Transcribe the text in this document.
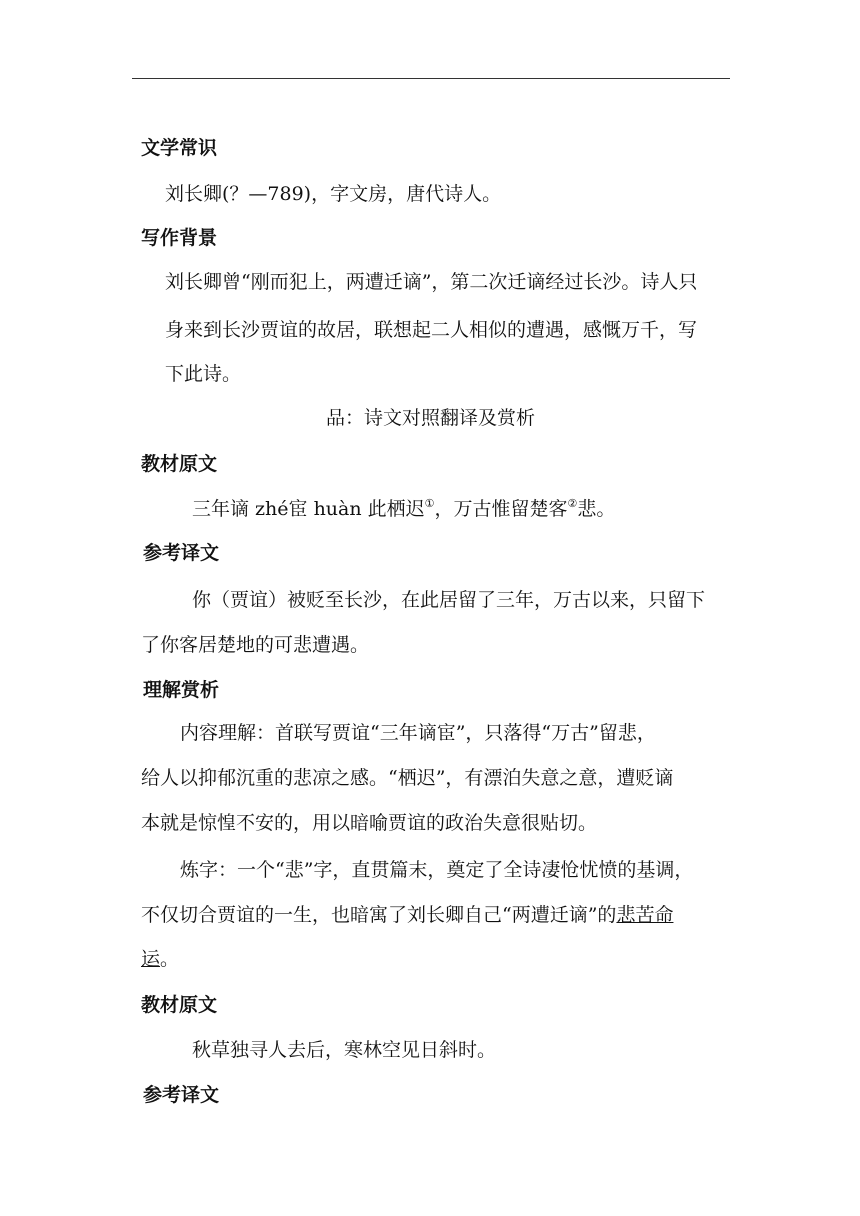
文学常识
刘长卿(？—789)，字文房，唐代诗人。
写作背景
刘长卿曾“刚而犯上，两遭迁谪”，第二次迁谪经过长沙。诗人只
身来到长沙贾谊的故居，联想起二人相似的遭遇，感慨万千，写
下此诗。
品：诗文对照翻译及赏析
教材原文
三年谪 zhé宦 huàn 此栖迟①，万古惟留楚客②悲。
参考译文
你（贾谊）被贬至长沙，在此居留了三年，万古以来，只留下
了你客居楚地的可悲遭遇。
理解赏析
内容理解：首联写贾谊“三年谪宦”，只落得“万古”留悲，
给人以抑郁沉重的悲凉之感。“栖迟”，有漂泊失意之意，遭贬谪
本就是惊惶不安的，用以暗喻贾谊的政治失意很贴切。
炼字：一个“悲”字，直贯篇末，奠定了全诗凄怆忧愤的基调，
不仅切合贾谊的一生，也暗寓了刘长卿自己“两遭迁谪”的悲苦命
运。
教材原文
秋草独寻人去后，寒林空见日斜时。
参考译文
